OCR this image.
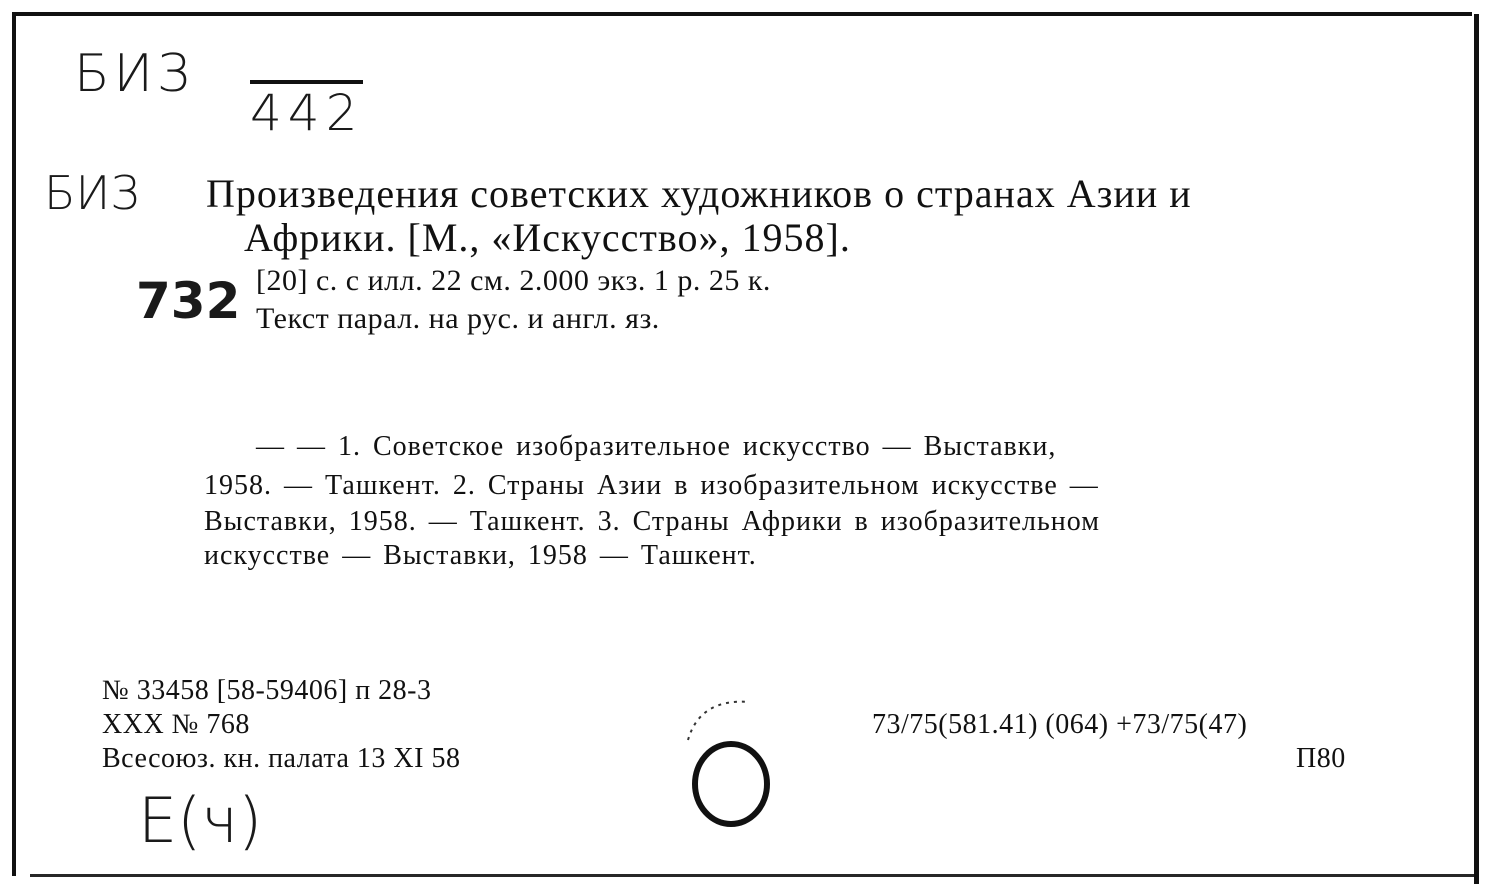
БИЗ
442
БИЗ
732
Е(ч)
Произведения советских художников о странах Азии и
Африки. [М., «Искусство», 1958].
[20] с. с илл. 22 см. 2.000 экз. 1 р. 25 к.
Текст парал. на рус. и англ. яз.
— — 1. Советское изобразительное искусство — Выставки,
1958. — Ташкент. 2. Страны Азии в изобразительном искусстве —
Выставки, 1958. — Ташкент. 3. Страны Африки в изобразительном
искусстве — Выставки, 1958 — Ташкент.
№ 33458 [58-59406] п 28-3
XXX № 768
Всесоюз. кн. палата 13 XI 58
73/75(581.41) (064) +73/75(47)
П80
